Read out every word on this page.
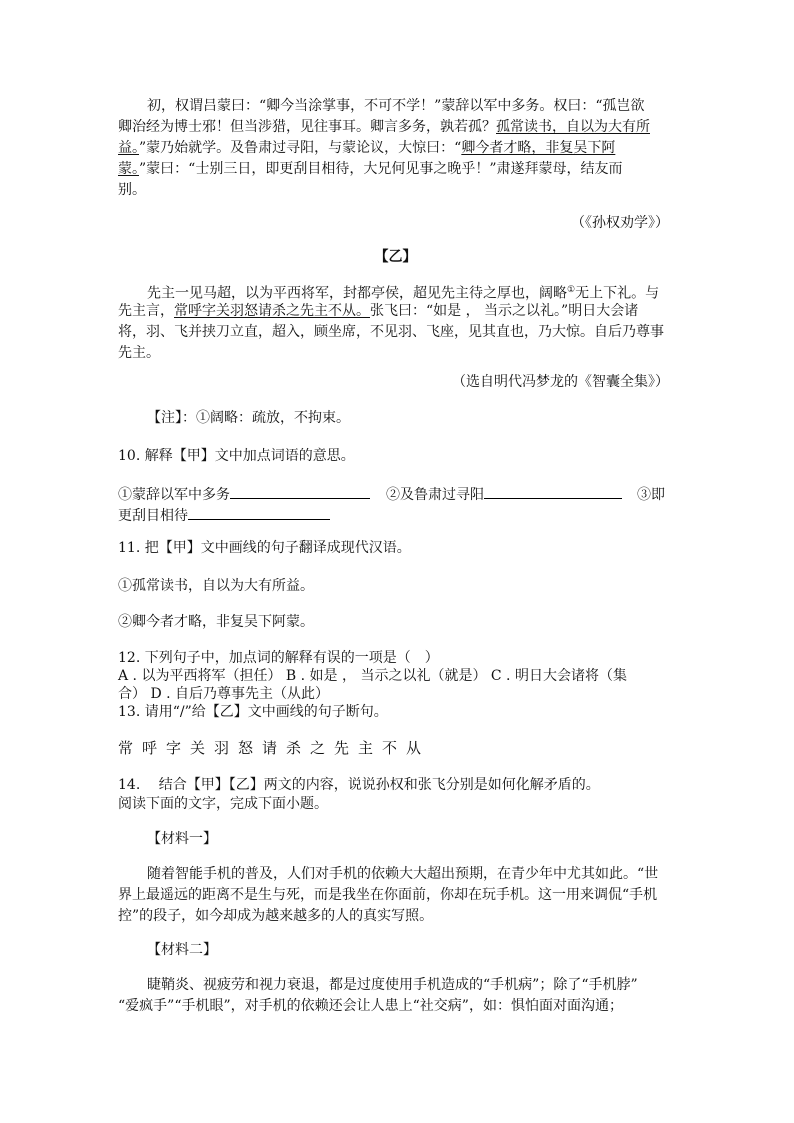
初，权谓吕蒙曰：“卿今当涂掌事，不可不学！”蒙辞以军中多务。权曰：“孤岂欲
卿治经为博士邪！但当涉猎，见往事耳。卿言多务，孰若孤？孤常读书，自以为大有所
益。”蒙乃始就学。及鲁肃过寻阳，与蒙论议，大惊曰：“卿今者才略，非复吴下阿
蒙。”蒙曰：“士别三日，即更刮目相待，大兄何见事之晚乎！”肃遂拜蒙母，结友而
别。
（《孙权劝学》）
【乙】
先主一见马超，以为平西将军，封都亭侯，超见先主待之厚也，阔略①无上下礼。与
先主言，常呼字关羽怒请杀之先主不从。张飞曰：“如是 ， 当示之以礼。”明日大会诸
将，羽、飞并挟刀立直，超入，顾坐席，不见羽、飞座，见其直也，乃大惊。自后乃尊事
先主。
（选自明代冯梦龙的《智囊全集》）
【注】：①阔略：疏放，不拘束。
10. 解释【甲】文中加点词语的意思。
①蒙辞以军中多务	②及鲁肃过寻阳	③即
更刮目相待
11. 把【甲】文中画线的句子翻译成现代汉语。
①孤常读书，自以为大有所益。
②卿今者才略，非复吴下阿蒙。
12. 下列句子中，加点词的解释有误的一项是（　）
A . 以为平西将军（担任） B . 如是 ， 当示之以礼（就是） C . 明日大会诸将（集
合） D . 自后乃尊事先主（从此）
13. 请用“/”给【乙】文中画线的句子断句。
常呼字关羽怒请杀之先主不从
14.　 结合【甲】【乙】两文的内容，说说孙权和张飞分别是如何化解矛盾的。
阅读下面的文字，完成下面小题。
【材料一】
随着智能手机的普及，人们对手机的依赖大大超出预期，在青少年中尤其如此。“世
界上最遥远的距离不是生与死，而是我坐在你面前，你却在玩手机。这一用来调侃“手机
控”的段子，如今却成为越来越多的人的真实写照。
【材料二】
睫鞘炎、视疲劳和视力衰退，都是过度使用手机造成的“手机病”；除了“手机脖”
“爱疯手”“手机眼”，对手机的依赖还会让人患上“社交病”，如：惧怕面对面沟通；
